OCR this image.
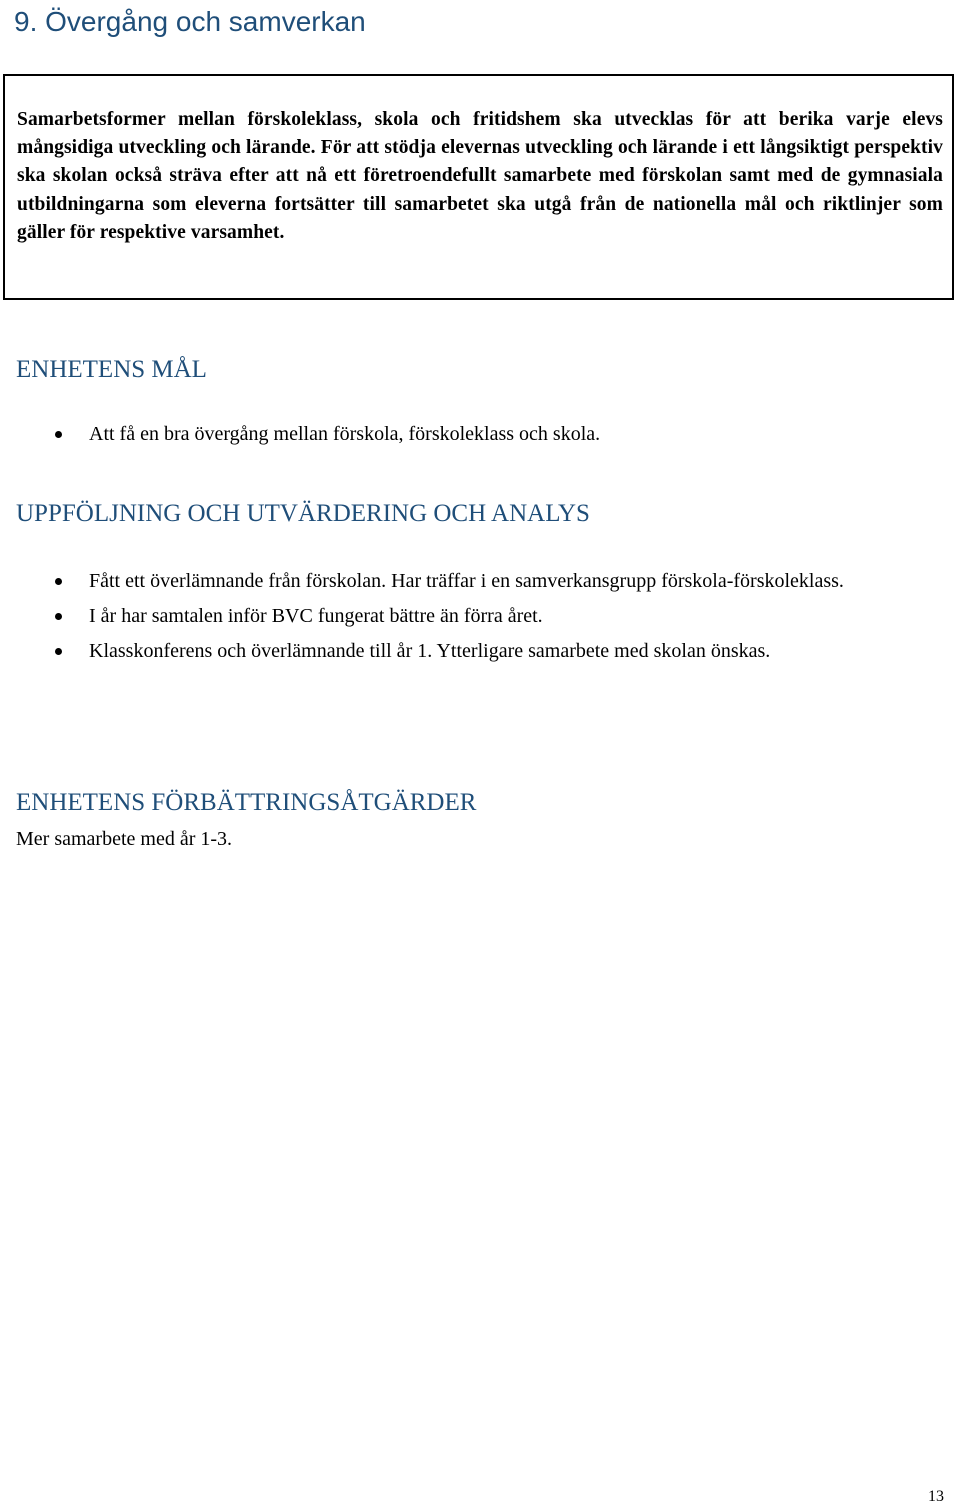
9. Övergång och samverkan

Samarbetsformer mellan förskoleklass, skola och fritidshem ska utvecklas för att berika varje elevs mångsidiga utveckling och lärande. För att stödja elevernas utveckling och lärande i ett långsiktigt perspektiv ska skolan också sträva efter att nå ett företroendefullt samarbete med förskolan samt med de gymnasiala utbildningarna som eleverna fortsätter till samarbetet ska utgå från de nationella mål och riktlinjer som gäller för respektive varsamhet.

ENHETENS MÅL
Att få en bra övergång mellan förskola, förskoleklass och skola.
UPPFÖLJNING OCH UTVÄRDERING OCH ANALYS
Fått ett överlämnande från förskolan. Har träffar i en samverkansgrupp förskola-förskoleklass.
I år har samtalen inför BVC fungerat bättre än förra året.
Klasskonferens och överlämnande till år 1. Ytterligare samarbete med skolan önskas.
ENHETENS FÖRBÄTTRINGSÅTGÄRDER

Mer samarbete med år 1-3.

13
